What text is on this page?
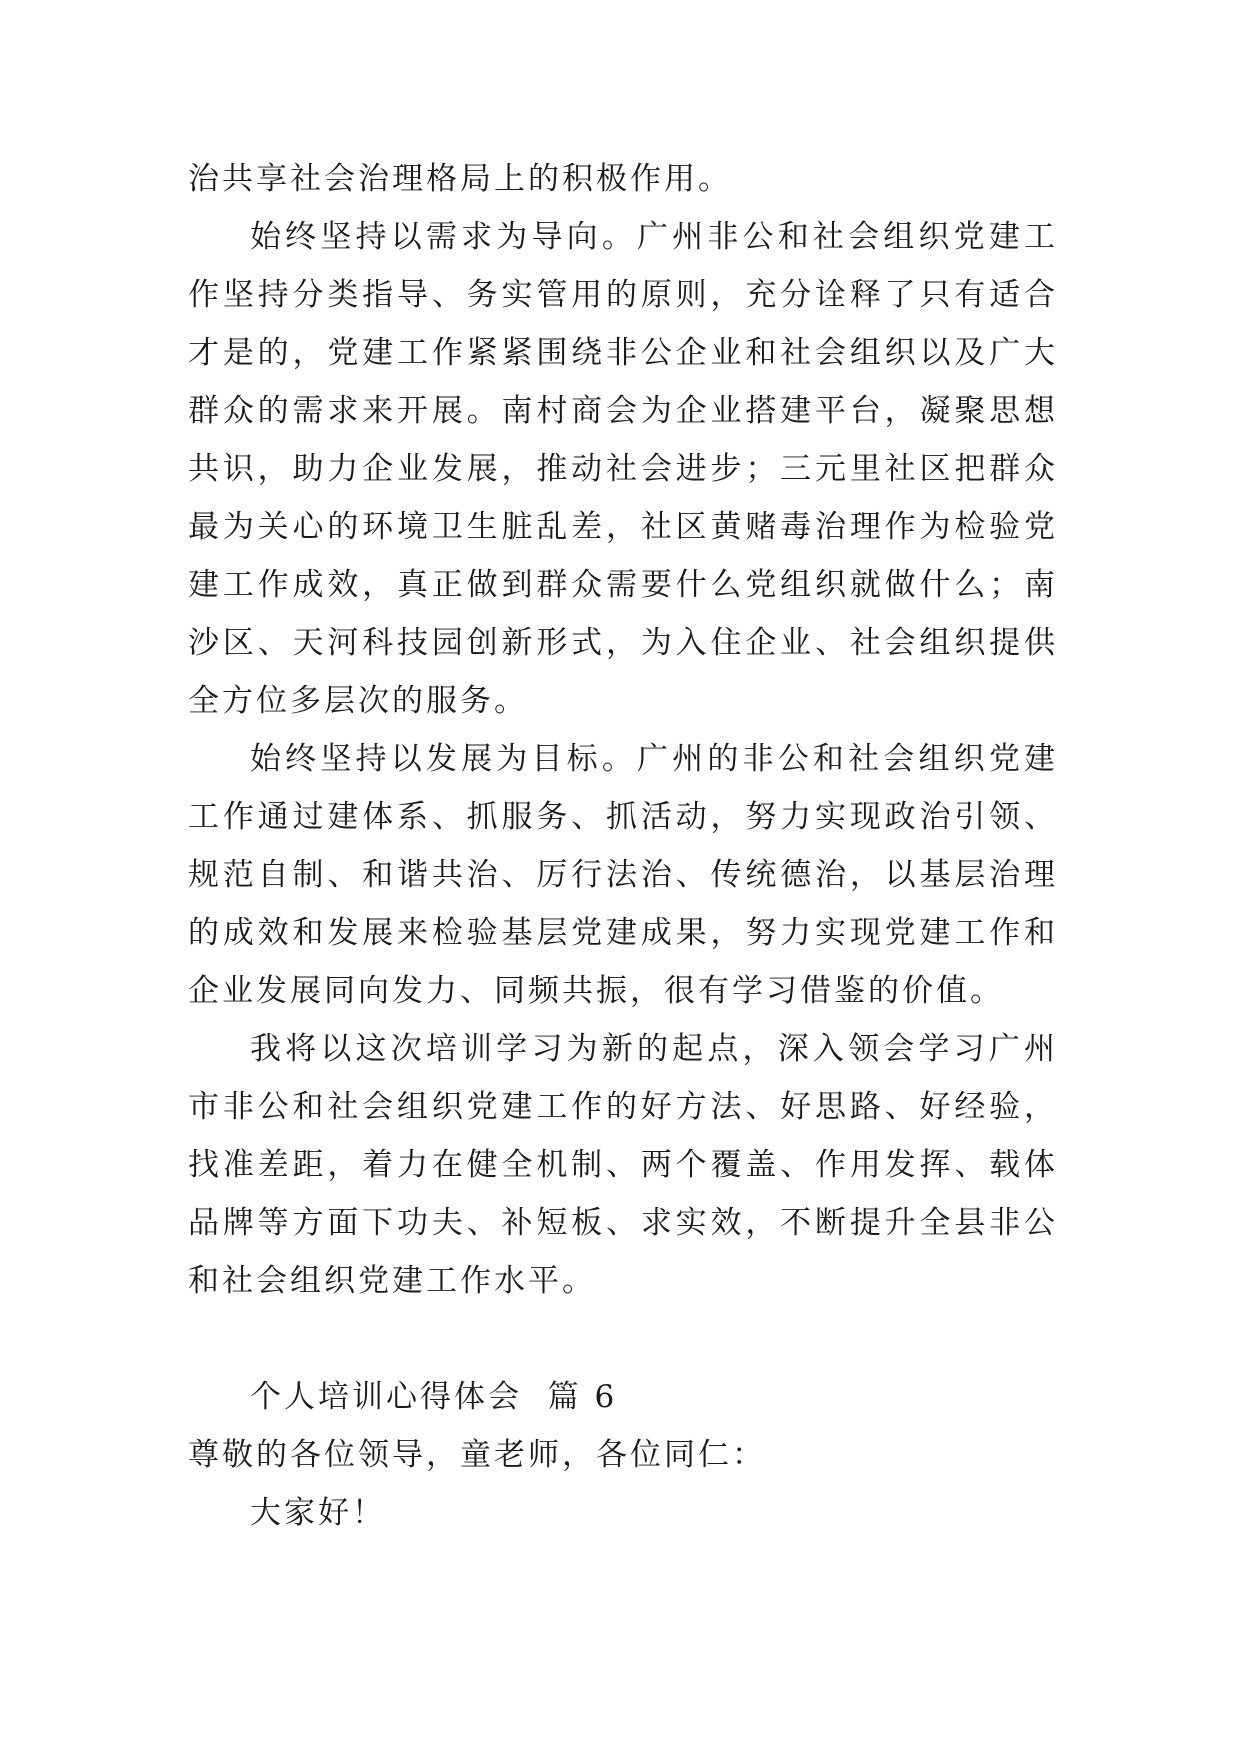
治共享社会治理格局上的积极作用。

始终坚持以需求为导向。广州非公和社会组织党建工作坚持分类指导、务实管用的原则，充分诠释了只有适合才是的，党建工作紧紧围绕非公企业和社会组织以及广大群众的需求来开展。南村商会为企业搭建平台，凝聚思想共识，助力企业发展，推动社会进步；三元里社区把群众最为关心的环境卫生脏乱差，社区黄赌毒治理作为检验党建工作成效，真正做到群众需要什么党组织就做什么；南沙区、天河科技园创新形式，为入住企业、社会组织提供全方位多层次的服务。

始终坚持以发展为目标。广州的非公和社会组织党建工作通过建体系、抓服务、抓活动，努力实现政治引领、规范自制、和谐共治、厉行法治、传统德治，以基层治理的成效和发展来检验基层党建成果，努力实现党建工作和企业发展同向发力、同频共振，很有学习借鉴的价值。

我将以这次培训学习为新的起点，深入领会学习广州市非公和社会组织党建工作的好方法、好思路、好经验，找准差距，着力在健全机制、两个覆盖、作用发挥、载体品牌等方面下功夫、补短板、求实效，不断提升全县非公和社会组织党建工作水平。

个人培训心得体会  篇 6

尊敬的各位领导，童老师，各位同仁：

大家好！
